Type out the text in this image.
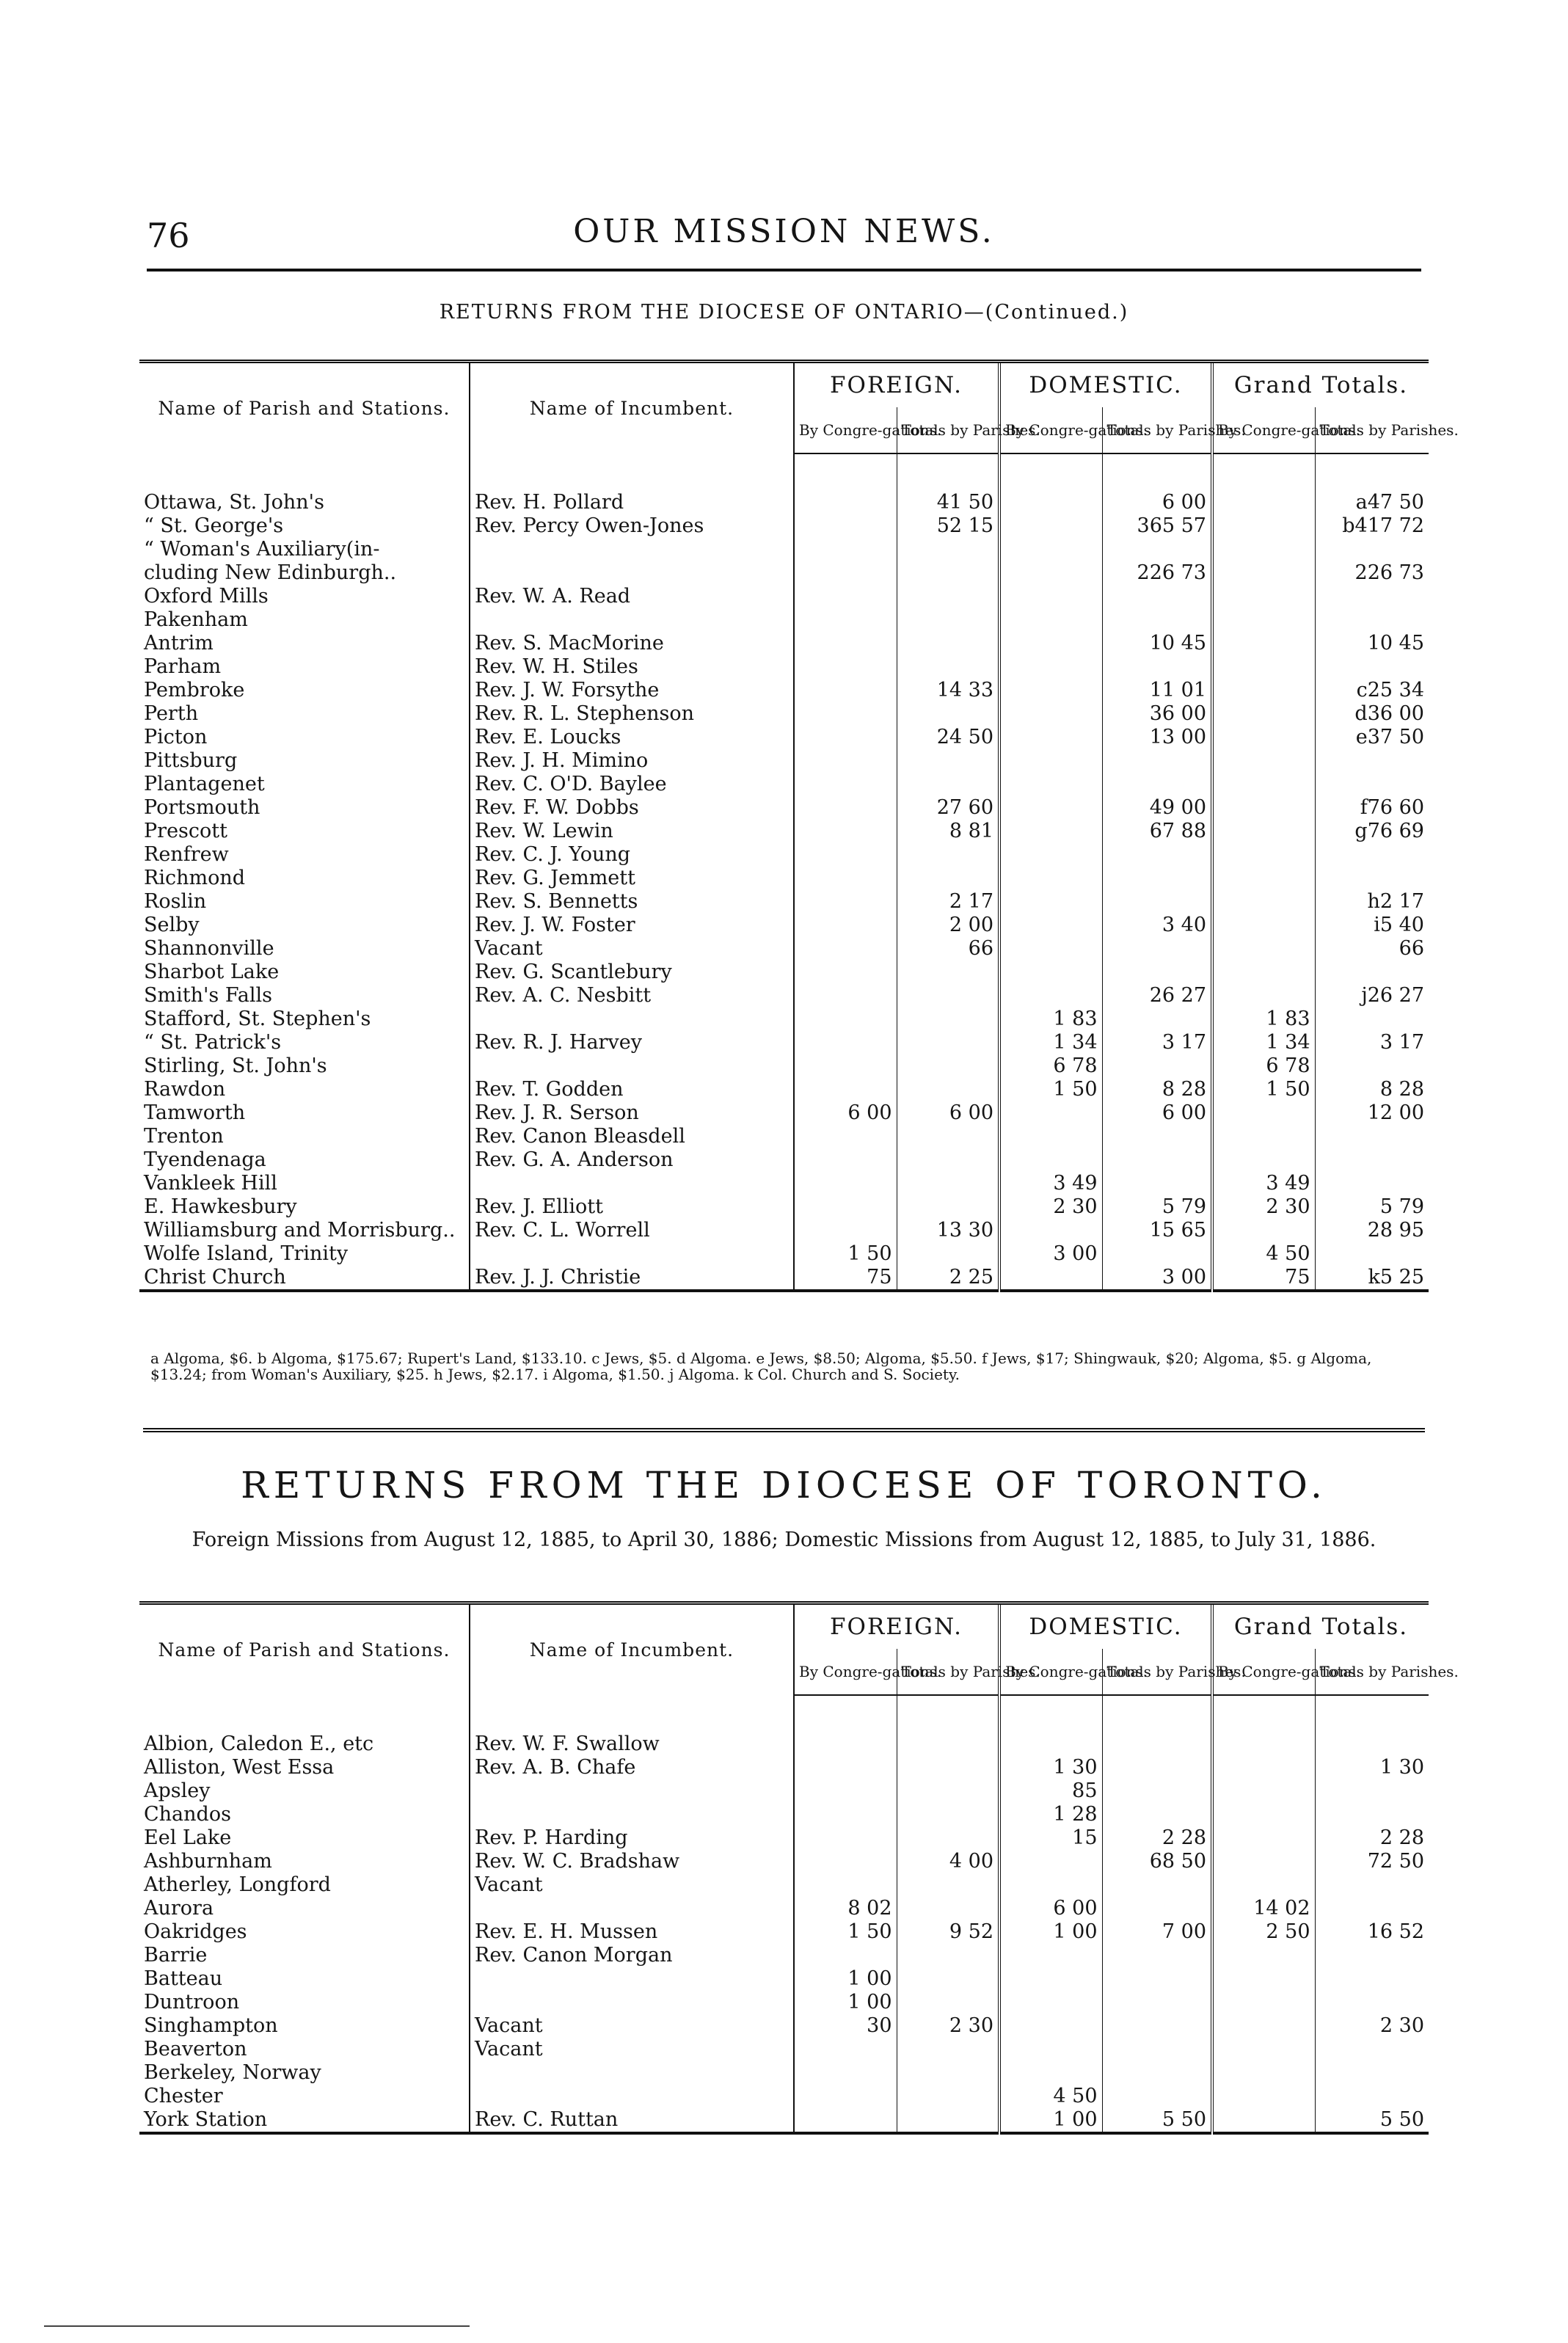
76	OUR MISSION NEWS.
RETURNS FROM THE DIOCESE OF ONTARIO—(Continued.)
Name of Parish and Stations.	Name of Incumbent.	FOREIGN.		DOMESTIC.		Grand Totals.	
		By Congre-gations.	Totals by Parishes.	By Congre-gations.	Totals by Parishes.	By Congre-gations.	Totals by Parishes.
Ottawa, St. John's	Rev. H. Pollard		41 50		6 00		a47 50
“ St. George's	Rev. Percy Owen-Jones		52 15		365 57		b417 72
“ Woman's Auxiliary(in-							
cluding New Edinburgh..					226 73		226 73
Oxford Mills	Rev. W. A. Read						
Pakenham							
Antrim	Rev. S. MacMorine				10 45		10 45
Parham	Rev. W. H. Stiles						
Pembroke	Rev. J. W. Forsythe		14 33		11 01		c25 34
Perth	Rev. R. L. Stephenson				36 00		d36 00
Picton	Rev. E. Loucks		24 50		13 00		e37 50
Pittsburg	Rev. J. H. Mimino						
Plantagenet	Rev. C. O'D. Baylee						
Portsmouth	Rev. F. W. Dobbs		27 60		49 00		f76 60
Prescott	Rev. W. Lewin		8 81		67 88		g76 69
Renfrew	Rev. C. J. Young						
Richmond	Rev. G. Jemmett						
Roslin	Rev. S. Bennetts		2 17				h2 17
Selby	Rev. J. W. Foster		2 00		3 40		i5 40
Shannonville	Vacant		66				66
Sharbot Lake	Rev. G. Scantlebury						
Smith's Falls	Rev. A. C. Nesbitt				26 27		j26 27
Stafford, St. Stephen's				1 83		1 83	
“ St. Patrick's	Rev. R. J. Harvey			1 34	3 17	1 34	3 17
Stirling, St. John's				6 78		6 78	
Rawdon	Rev. T. Godden			1 50	8 28	1 50	8 28
Tamworth	Rev. J. R. Serson	6 00	6 00		6 00		12 00
Trenton	Rev. Canon Bleasdell						
Tyendenaga	Rev. G. A. Anderson						
Vankleek Hill				3 49		3 49	
E. Hawkesbury	Rev. J. Elliott			2 30	5 79	2 30	5 79
Williamsburg and Morrisburg..	Rev. C. L. Worrell		13 30		15 65		28 95
Wolfe Island, Trinity		1 50		3 00		4 50	
Christ Church	Rev. J. J. Christie	75	2 25		3 00	75	k5 25
a Algoma, $6. b Algoma, $175.67; Rupert's Land, $133.10. c Jews, $5. d Algoma. e Jews, $8.50; Algoma, $5.50. f Jews, $17; Shingwauk, $20; Algoma, $5. g Algoma, $13.24; from Woman's Auxiliary, $25. h Jews, $2.17. i Algoma, $1.50. j Algoma. k Col. Church and S. Society.
RETURNS FROM THE DIOCESE OF TORONTO.
Foreign Missions from August 12, 1885, to April 30, 1886; Domestic Missions from August 12, 1885, to July 31, 1886.
Name of Parish and Stations.	Name of Incumbent.	FOREIGN.		DOMESTIC.		Grand Totals.	
		By Congre-gations.	Totals by Parishes.	By Congre-gations.	Totals by Parishes.	By Congre-gations.	Totals by Parishes.
Albion, Caledon E., etc	Rev. W. F. Swallow						
Alliston, West Essa	Rev. A. B. Chafe			1 30			1 30
Apsley				85			
Chandos				1 28			
Eel Lake	Rev. P. Harding			15	2 28		2 28
Ashburnham	Rev. W. C. Bradshaw		4 00		68 50		72 50
Atherley, Longford	Vacant						
Aurora		8 02		6 00		14 02	
Oakridges	Rev. E. H. Mussen	1 50	9 52	1 00	7 00	2 50	16 52
Barrie	Rev. Canon Morgan						
Batteau		1 00					
Duntroon		1 00					
Singhampton	Vacant	30	2 30				2 30
Beaverton	Vacant						
Berkeley, Norway							
Chester				4 50			
York Station	Rev. C. Ruttan			1 00	5 50		5 50
